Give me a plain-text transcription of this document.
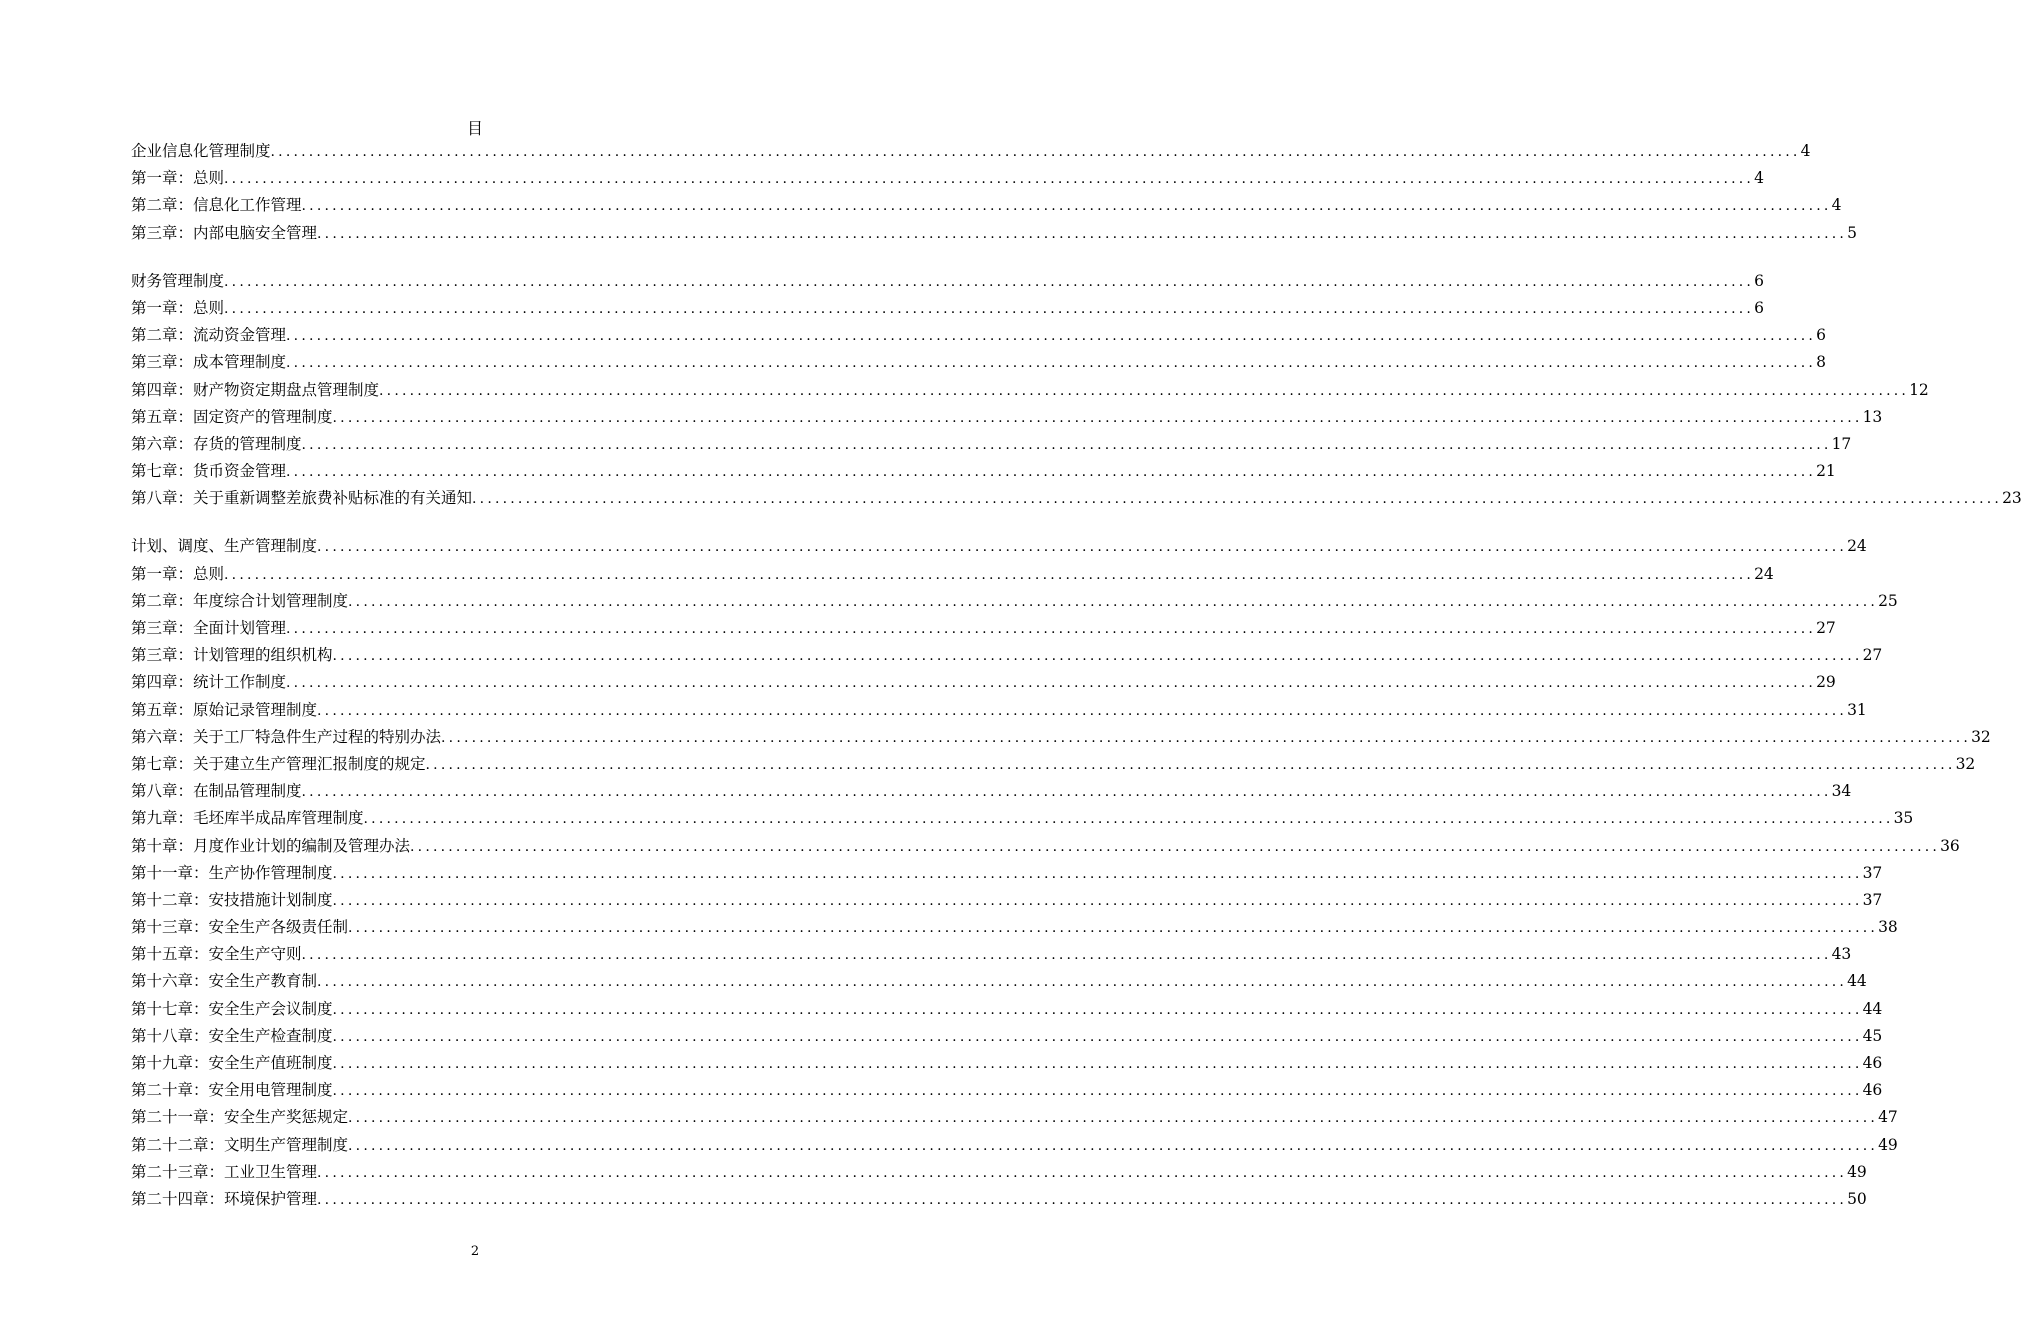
目
企业信息化管理制度 ........................................................................................................................................................................................................ 4
第一章：总则 ........................................................................................................................................................................................................ 4
第二章：信息化工作管理 ........................................................................................................................................................................................................ 4
第三章：内部电脑安全管理 ........................................................................................................................................................................................................ 5
财务管理制度 ........................................................................................................................................................................................................ 6
第一章：总则 ........................................................................................................................................................................................................ 6
第二章：流动资金管理 ........................................................................................................................................................................................................ 6
第三章：成本管理制度 ........................................................................................................................................................................................................ 8
第四章：财产物资定期盘点管理制度 ........................................................................................................................................................................................................ 12
第五章：固定资产的管理制度 ........................................................................................................................................................................................................ 13
第六章：存货的管理制度 ........................................................................................................................................................................................................ 17
第七章：货币资金管理 ........................................................................................................................................................................................................ 21
第八章：关于重新调整差旅费补贴标准的有关通知 ........................................................................................................................................................................................................ 23
计划、调度、生产管理制度 ........................................................................................................................................................................................................ 24
第一章：总则 ........................................................................................................................................................................................................ 24
第二章：年度综合计划管理制度 ........................................................................................................................................................................................................ 25
第三章：全面计划管理 ........................................................................................................................................................................................................ 27
第三章：计划管理的组织机构 ........................................................................................................................................................................................................ 27
第四章：统计工作制度 ........................................................................................................................................................................................................ 29
第五章：原始记录管理制度 ........................................................................................................................................................................................................ 31
第六章：关于工厂特急件生产过程的特别办法 ........................................................................................................................................................................................................ 32
第七章：关于建立生产管理汇报制度的规定 ........................................................................................................................................................................................................ 32
第八章：在制品管理制度 ........................................................................................................................................................................................................ 34
第九章：毛坯库半成品库管理制度 ........................................................................................................................................................................................................ 35
第十章：月度作业计划的编制及管理办法 ........................................................................................................................................................................................................ 36
第十一章：生产协作管理制度 ........................................................................................................................................................................................................ 37
第十二章：安技措施计划制度 ........................................................................................................................................................................................................ 37
第十三章：安全生产各级责任制 ........................................................................................................................................................................................................ 38
第十五章：安全生产守则 ........................................................................................................................................................................................................ 43
第十六章：安全生产教育制 ........................................................................................................................................................................................................ 44
第十七章：安全生产会议制度 ........................................................................................................................................................................................................ 44
第十八章：安全生产检查制度 ........................................................................................................................................................................................................ 45
第十九章：安全生产值班制度 ........................................................................................................................................................................................................ 46
第二十章：安全用电管理制度 ........................................................................................................................................................................................................ 46
第二十一章：安全生产奖惩规定 ........................................................................................................................................................................................................ 47
第二十二章：文明生产管理制度 ........................................................................................................................................................................................................ 49
第二十三章：工业卫生管理 ........................................................................................................................................................................................................ 49
第二十四章：环境保护管理 ........................................................................................................................................................................................................ 50
2
